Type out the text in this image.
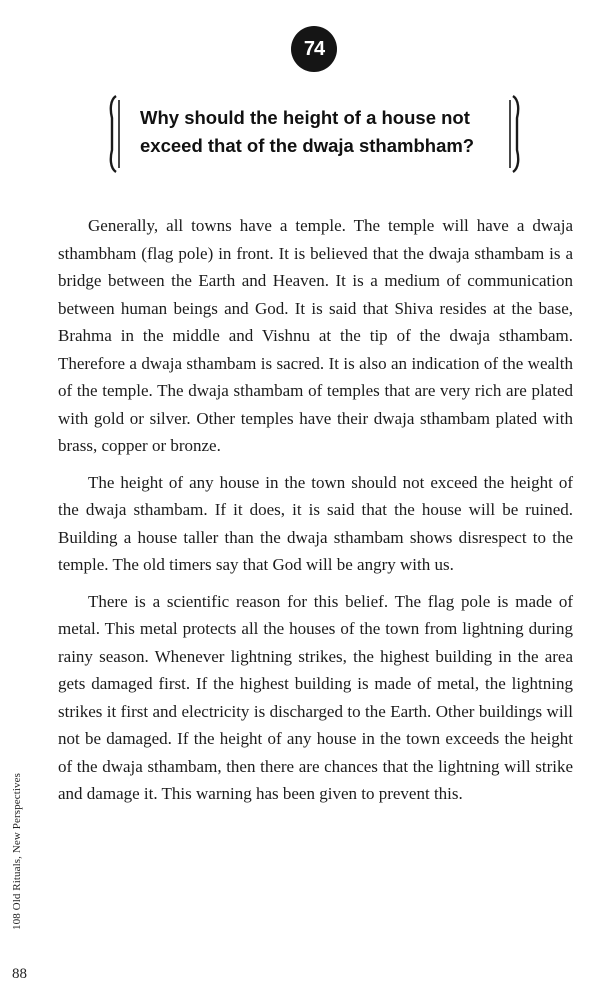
74
Why should the height of a house not
exceed that of the dwaja sthambham?

Generally, all towns have a temple. The temple will have a dwaja sthambham (flag pole) in front. It is believed that the dwaja sthambam is a bridge between the Earth and Heaven. It is a medium of communication between human beings and God. It is said that Shiva resides at the base, Brahma in the middle and Vishnu at the tip of the dwaja sthambam. Therefore a dwaja sthambam is sacred. It is also an indication of the wealth of the temple. The dwaja sthambam of temples that are very rich are plated with gold or silver. Other temples have their dwaja sthambam plated with brass, copper or bronze.

The height of any house in the town should not exceed the height of the dwaja sthambam. If it does, it is said that the house will be ruined. Building a house taller than the dwaja sthambam shows disrespect to the temple. The old timers say that God will be angry with us.

There is a scientific reason for this belief. The flag pole is made of metal. This metal protects all the houses of the town from lightning during rainy season. Whenever lightning strikes, the highest building in the area gets damaged first. If the highest building is made of metal, the lightning strikes it first and electricity is discharged to the Earth. Other buildings will not be damaged. If the height of any house in the town exceeds the height of the dwaja sthambam, then there are chances that the lightning will strike and damage it. This warning has been given to prevent this.

108 Old Rituals, New Perspectives
88
